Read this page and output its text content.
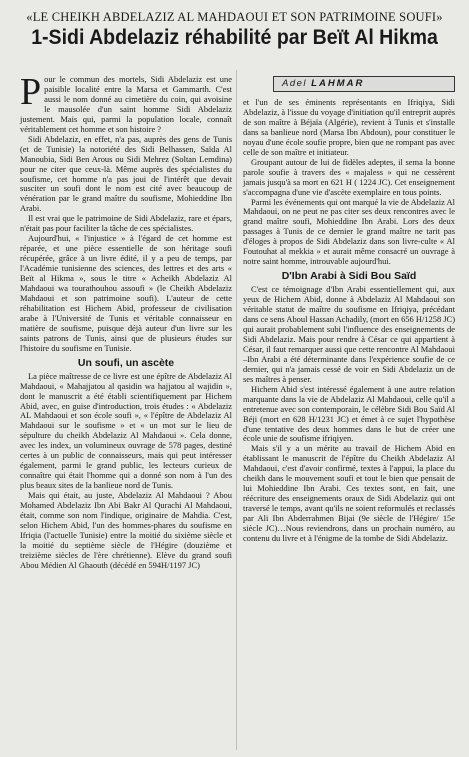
«LE CHEIKH ABDELAZIZ AL MAHDAOUI ET SON PATRIMOINE SOUFI»
1-Sidi Abdelaziz réhabilité par Beït Al Hikma

Pour le commun des mortels, Sidi Abdelaziz est une paisible localité entre la Marsa et Gammarth. C'est aussi le nom donné au cimetière du coin, qui avoisine le mausolée d'un saint homme Sidi Abdelaziz justement. Mais qui, parmi la population locale, connaît véritablement cet homme et son histoire ?

Sidi Abdelaziz, en effet, n'a pas, auprès des gens de Tunis (et de Tunisie) la notoriété des Sidi Belhassen, Saïda Al Manoubia, Sidi Ben Arous ou Sidi Mehrez (Soltan Lemdina) pour ne citer que ceux-là. Même auprès des spécialistes du soufisme, cet homme n'a pas joui de l'intérêt que devait susciter un soufi dont le nom est cité avec beaucoup de vénération par le grand maître du soufisme, Mohieddine Ibn Arabi.

Il est vrai que le patrimoine de Sidi Abdelaziz, rare et épars, n'était pas pour faciliter la tâche de ces spécialistes.

Aujourd'hui, « l'injustice » à l'égard de cet homme est réparée, et une pièce essentielle de son héritage soufi récupérée, grâce à un livre édité, il y a peu de temps, par l'Académie tunisienne des sciences, des lettres et des arts « Beït al Hikma », sous le titre « Acheikh Abdelaziz Al Mahdaoui wa tourathouhou assoufi » (le Cheikh Abdelaziz Mahdaoui et son patrimoine soufi). L'auteur de cette réhabilitation est Hichem Abid, professeur de civilisation arabe à l'Université de Tunis et véritable connaisseur en matière de soufisme, puisque déjà auteur d'un livre sur les saints patrons de Tunis, ainsi que de plusieurs études sur l'histoire du soufisme en Tunisie.

Un soufi, un ascète

La pièce maîtresse de ce livre est une épître de Abdelaziz Al Mahdaoui, « Mahajjatou al qasidin wa hajjatou al wajidin », dont le manuscrit a été établi scientifiquement par Hichem Abid, avec, en guise d'introduction, trois études : « Abdelaziz AL Mahdaoui et son école soufi », « l'épître de Abdelaziz Al Mahdaoui sur le soufisme » et « un mot sur le lieu de sépulture du cheikh Abdelaziz Al Mahdaoui ». Cela donne, avec les index, un volumineux ouvrage de 578 pages, destiné certes à un public de connaisseurs, mais qui peut intéresser également, parmi le grand public, les lecteurs curieux de connaître qui était l'homme qui a donné son nom à l'un des plus beaux sites de la banlieue nord de Tunis.

Mais qui était, au juste, Abdelaziz Al Mahdaoui ? Abou Mohamed Abdelaziz Ibn Abi Bakr Al Qurachi Al Mahdaoui, était, comme son nom l'indique, originaire de Mahdia. C'est, selon Hichem Abid, l'un des hommes-phares du soufisme en Ifriqia (l'actuelle Tunisie) entre la moitié du sixième siècle et la moitié du septième siècle de l'Hégire (douzième et treizième siècles de l'ère chrétienne). Elève du grand soufi Abou Médien Al Ghaouth (décédé en 594H/1197 JC)

Adel LAHMAR

et l'un de ses éminents représentants en Ifriqiya, Sidi Abdelaziz, à l'issue du voyage d'initiation qu'il entreprit auprès de son maître à Béjaïa (Algérie), revient à Tunis et s'installe dans sa banlieue nord (Marsa Ibn Abdoun), pour constituer le noyau d'une école soufie propre, bien que ne rompant pas avec celle de son maître et initiateur.

Groupant autour de lui de fidèles adeptes, il sema la bonne parole soufie à travers des « majaless » qui ne cessèrent jamais jusqu'à sa mort en 621 H ( 1224 JC). Cet enseignement s'accompagna d'une vie d'ascète exemplaire en tous points.

Parmi les événements qui ont marqué la vie de Abdelaziz Al Mahdaoui, on ne peut ne pas citer ses deux rencontres avec le grand maître soufi, Mohieddine Ibn Arabi. Lors des deux passages à Tunis de ce dernier le grand maître ne tarit pas d'éloges à propos de Sidi Abdelaziz dans son livre-culte « Al Foutouhat al mekkia » et aurait même consacré un ouvrage à notre saint homme, introuvable aujourd'hui.

D'Ibn Arabi à Sidi Bou Saïd

C'est ce témoignage d'Ibn Arabi essentiellement qui, aux yeux de Hichem Abid, donne à Abdelaziz Al Mahdaoui son véritable statut de maître du soufisme en Ifriqiya, précédant dans ce sens Aboul Hassan Achadily, (mort en 656 H/1258 JC) qui aurait probablement subi l'influence des enseignements de Sidi Abdelaziz. Mais pour rendre à César ce qui appartient à César, il faut remarquer aussi que cette rencontre Al Mahdaoui –Ibn Arabi a été déterminante dans l'expérience soufie de ce dernier, qui n'a jamais cessé de voir en Sidi Abdelaziz un de ses maîtres à penser.

Hichem Abid s'est intéressé également à une autre relation marquante dans la vie de Abdelaziz Al Mahdaoui, celle qu'il a entretenue avec son contemporain, le célèbre Sidi Bou Saïd Al Béji (mort en 628 H/1231 JC) et émet à ce sujet l'hypothèse d'une tentative des deux hommes dans le but de créer une école unie de soufisme ifriqiyen.

Mais s'il y a un mérite au travail de Hichem Abid en établissant le manuscrit de l'épître du Cheikh Abdelaziz Al Mahdaoui, c'est d'avoir confirmé, textes à l'appui, la place du cheikh dans le mouvement soufi et tout le bien que pensait de lui Mohieddine Ibn Arabi. Ces textes sont, en fait, une réécriture des enseignements oraux de Sidi Abdelaziz qui ont traversé le temps, avant qu'ils ne soient reformulés et reclassés par Ali Ibn Abderrahmen Bijai (9e siècle de l'Hégire/ 15e siècle JC)…Nous reviendrons, dans un prochain numéro, au contenu du livre et à l'énigme de la tombe de Sidi Abdelaziz.
